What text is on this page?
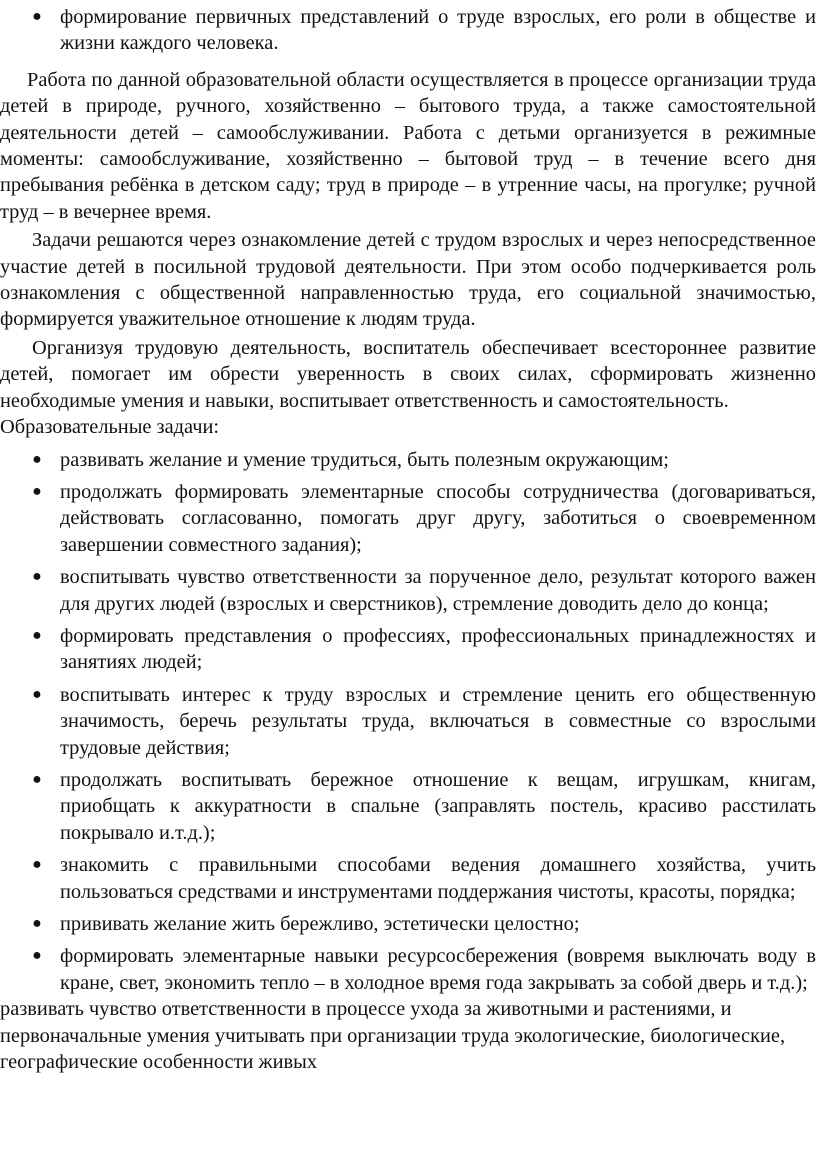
● формирование первичных представлений о труде взрослых, его роли в обществе и жизни каждого человека.

Работа по данной образовательной области осуществляется в процессе организации труда детей в природе, ручного, хозяйственно – бытового труда, а также самостоятельной деятельности детей – самообслуживании. Работа с детьми организуется в режимные моменты: самообслуживание, хозяйственно – бытовой труд – в течение всего дня пребывания ребёнка в детском саду; труд в природе – в утренние часы, на прогулке; ручной труд – в вечернее время.

Задачи решаются через ознакомление детей с трудом взрослых и через непосредственное участие детей в посильной трудовой деятельности. При этом особо подчеркивается роль ознакомления с общественной направленностью труда, его социальной значимостью, формируется уважительное отношение к людям труда.

Организуя трудовую деятельность, воспитатель обеспечивает всестороннее развитие детей, помогает им обрести уверенность в своих силах, сформировать жизненно необходимые умения и навыки, воспитывает ответственность и самостоятельность.

Образовательные задачи:

● развивать желание и умение трудиться, быть полезным окружающим;
● продолжать формировать элементарные способы сотрудничества (договариваться, действовать согласованно, помогать друг другу, заботиться о своевременном завершении совместного задания);
● воспитывать чувство ответственности за порученное дело, результат которого важен для других людей (взрослых и сверстников), стремление доводить дело до конца;
● формировать представления о профессиях, профессиональных принадлежностях и занятиях людей;
● воспитывать интерес к труду взрослых и стремление ценить его общественную значимость, беречь результаты труда, включаться в совместные со взрослыми трудовые действия;
● продолжать воспитывать бережное отношение к вещам, игрушкам, книгам, приобщать к аккуратности в спальне (заправлять постель, красиво расстилать покрывало и.т.д.);
● знакомить с правильными способами ведения домашнего хозяйства, учить пользоваться средствами и инструментами поддержания чистоты, красоты, порядка;
● прививать желание жить бережливо, эстетически целостно;
● формировать элементарные навыки ресурсосбережения (вовремя выключать воду в кране, свет, экономить тепло – в холодное время года закрывать за собой дверь и т.д.);

развивать чувство ответственности в процессе ухода за животными и растениями, и первоначальные умения учитывать при организации труда экологические, биологические, географические особенности живых
